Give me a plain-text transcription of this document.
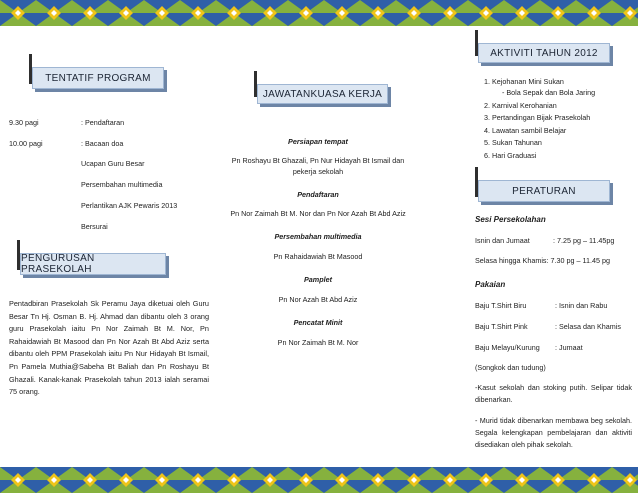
TENTATIF PROGRAM
9.30 pagi	: Pendaftaran
10.00 pagi	: Bacaan doa
Ucapan Guru Besar
Persembahan multimedia
Perlantikan AJK Pewaris 2013
Bersurai
PENGURUSAN PRASEKOLAH
Pentadbiran Prasekolah Sk Peramu Jaya diketuai oleh Guru Besar Tn Hj. Osman B. Hj. Ahmad dan dibantu oleh 3 orang guru Prasekolah iaitu Pn Nor Zaimah Bt M. Nor, Pn Rahaidawiah Bt Masood dan Pn Nor Azah Bt Abd Aziz serta dibantu oleh PPM Prasekolah iaitu Pn Nur Hidayah Bt Ismail, Pn Pamela Muthia@Sabeha Bt Baliah dan Pn Roshayu Bt Ghazali. Kanak-kanak Prasekolah tahun 2013 ialah seramai 75 orang.
JAWATANKUASA KERJA
Persiapan tempat
Pn Roshayu Bt Ghazali, Pn Nur Hidayah Bt Ismail dan pekerja sekolah
Pendaftaran
Pn Nor Zaimah Bt M. Nor dan Pn Nor Azah Bt Abd Aziz
Persembahan multimedia
Pn Rahaidawiah Bt Masood
Pamplet
Pn Nor Azah Bt Abd Aziz
Pencatat Minit
Pn Nor Zaimah Bt M. Nor
AKTIVITI TAHUN 2012
1. Kejohanan Mini Sukan
- Bola Sepak dan Bola Jaring
2. Karnival Kerohanian
3. Pertandingan Bijak Prasekolah
4. Lawatan sambil Belajar
5. Sukan Tahunan
6. Hari Graduasi
PERATURAN
Sesi Persekolahan
Isnin dan Jumaat	: 7.25 pg – 11.45pg
Selasa hingga Khamis : 7.30 pg – 11.45 pg
Pakaian
Baju T.Shirt Biru	: Isnin dan Rabu
Baju T.Shirt Pink	: Selasa dan Khamis
Baju Melayu/Kurung	: Jumaat
(Songkok dan tudung)
-Kasut sekolah dan stoking putih. Selipar tidak dibenarkan.
- Murid tidak dibenarkan membawa beg sekolah. Segala kelengkapan pembelajaran dan aktiviti disediakan oleh pihak sekolah.
